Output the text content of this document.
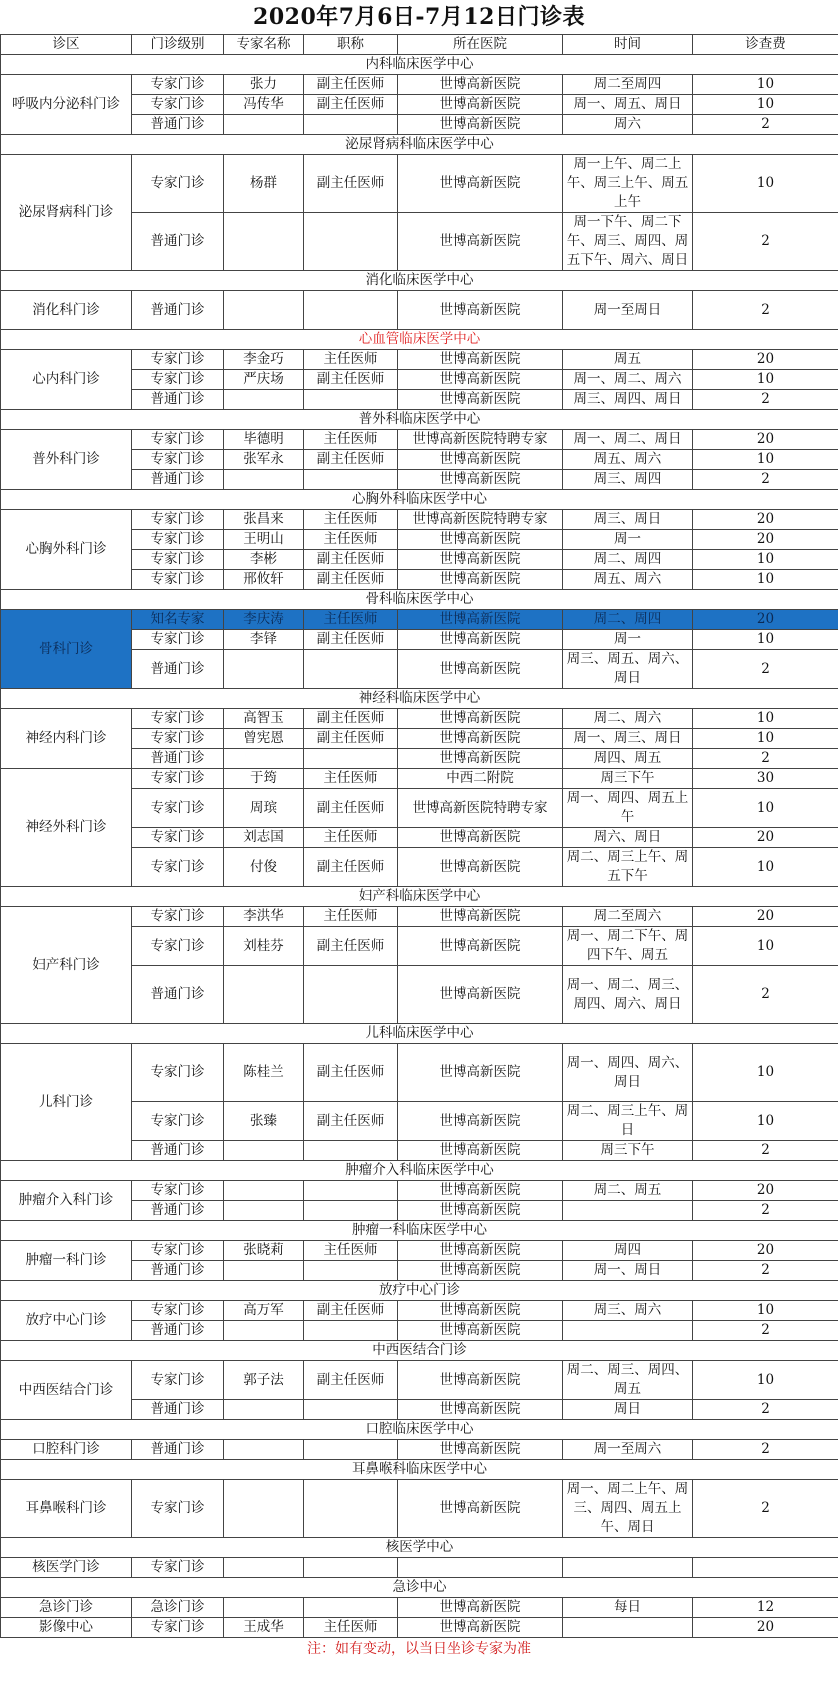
2020年7月6日-7月12日门诊表
诊区	门诊级别	专家名称	职称	所在医院	时间	诊查费
内科临床医学中心						
呼吸内分泌科门诊	专家门诊	张力	副主任医师	世博高新医院	周二至周四	10
	专家门诊	冯传华	副主任医师	世博高新医院	周一、周五、周日	10
	普通门诊			世博高新医院	周六	2
泌尿肾病科临床医学中心						
泌尿肾病科门诊	专家门诊	杨群	副主任医师	世博高新医院	周一上午、周二上午、周三上午、周五上午	10
	普通门诊			世博高新医院	周一下午、周二下午、周三、周四、周五下午、周六、周日	2
消化临床医学中心						
消化科门诊	普通门诊			世博高新医院	周一至周日	2
心血管临床医学中心						
心内科门诊	专家门诊	李金巧	主任医师	世博高新医院	周五	20
	专家门诊	严庆场	副主任医师	世博高新医院	周一、周二、周六	10
	普通门诊			世博高新医院	周三、周四、周日	2
普外科临床医学中心						
普外科门诊	专家门诊	毕德明	主任医师	世博高新医院特聘专家	周一、周二、周日	20
	专家门诊	张军永	副主任医师	世博高新医院	周五、周六	10
	普通门诊			世博高新医院	周三、周四	2
心胸外科临床医学中心						
心胸外科门诊	专家门诊	张昌来	主任医师	世博高新医院特聘专家	周三、周日	20
	专家门诊	王明山	主任医师	世博高新医院	周一	20
	专家门诊	李彬	副主任医师	世博高新医院	周二、周四	10
	专家门诊	邢攸轩	副主任医师	世博高新医院	周五、周六	10
骨科临床医学中心						
骨科门诊	知名专家	李庆涛	主任医师	世博高新医院	周二、周四	20
	专家门诊	李铎	副主任医师	世博高新医院	周一	10
	普通门诊			世博高新医院	周三、周五、周六、周日	2
神经科临床医学中心						
神经内科门诊	专家门诊	高智玉	副主任医师	世博高新医院	周二、周六	10
	专家门诊	曾宪恩	副主任医师	世博高新医院	周一、周三、周日	10
	普通门诊			世博高新医院	周四、周五	2
神经外科门诊	专家门诊	于筠	主任医师	中西二附院	周三下午	30
	专家门诊	周瑸	副主任医师	世博高新医院特聘专家	周一、周四、周五上午	10
	专家门诊	刘志国	主任医师	世博高新医院	周六、周日	20
	专家门诊	付俊	副主任医师	世博高新医院	周二、周三上午、周五下午	10
妇产科临床医学中心						
妇产科门诊	专家门诊	李洪华	主任医师	世博高新医院	周二至周六	20
	专家门诊	刘桂芬	副主任医师	世博高新医院	周一、周二下午、周四下午、周五	10
	普通门诊			世博高新医院	周一、周二、周三、周四、周六、周日	2
儿科临床医学中心						
儿科门诊	专家门诊	陈桂兰	副主任医师	世博高新医院	周一、周四、周六、周日	10
	专家门诊	张臻	副主任医师	世博高新医院	周二、周三上午、周日	10
	普通门诊			世博高新医院	周三下午	2
肿瘤介入科临床医学中心						
肿瘤介入科门诊	专家门诊			世博高新医院	周二、周五	20
	普通门诊			世博高新医院		2
肿瘤一科临床医学中心						
肿瘤一科门诊	专家门诊	张晓莉	主任医师	世博高新医院	周四	20
	普通门诊			世博高新医院	周一、周日	2
放疗中心门诊						
放疗中心门诊	专家门诊	高万军	副主任医师	世博高新医院	周三、周六	10
	普通门诊			世博高新医院		2
中西医结合门诊						
中西医结合门诊	专家门诊	郭子法	副主任医师	世博高新医院	周二、周三、周四、周五	10
	普通门诊			世博高新医院	周日	2
口腔临床医学中心						
口腔科门诊	普通门诊			世博高新医院	周一至周六	2
耳鼻喉科临床医学中心						
耳鼻喉科门诊	专家门诊			世博高新医院	周一、周二上午、周三、周四、周五上午、周日	2
核医学中心						
核医学门诊	专家门诊					
急诊中心						
急诊门诊	急诊门诊			世博高新医院	每日	12
影像中心	专家门诊	王成华	主任医师	世博高新医院		20
注：如有变动，以当日坐诊专家为准
